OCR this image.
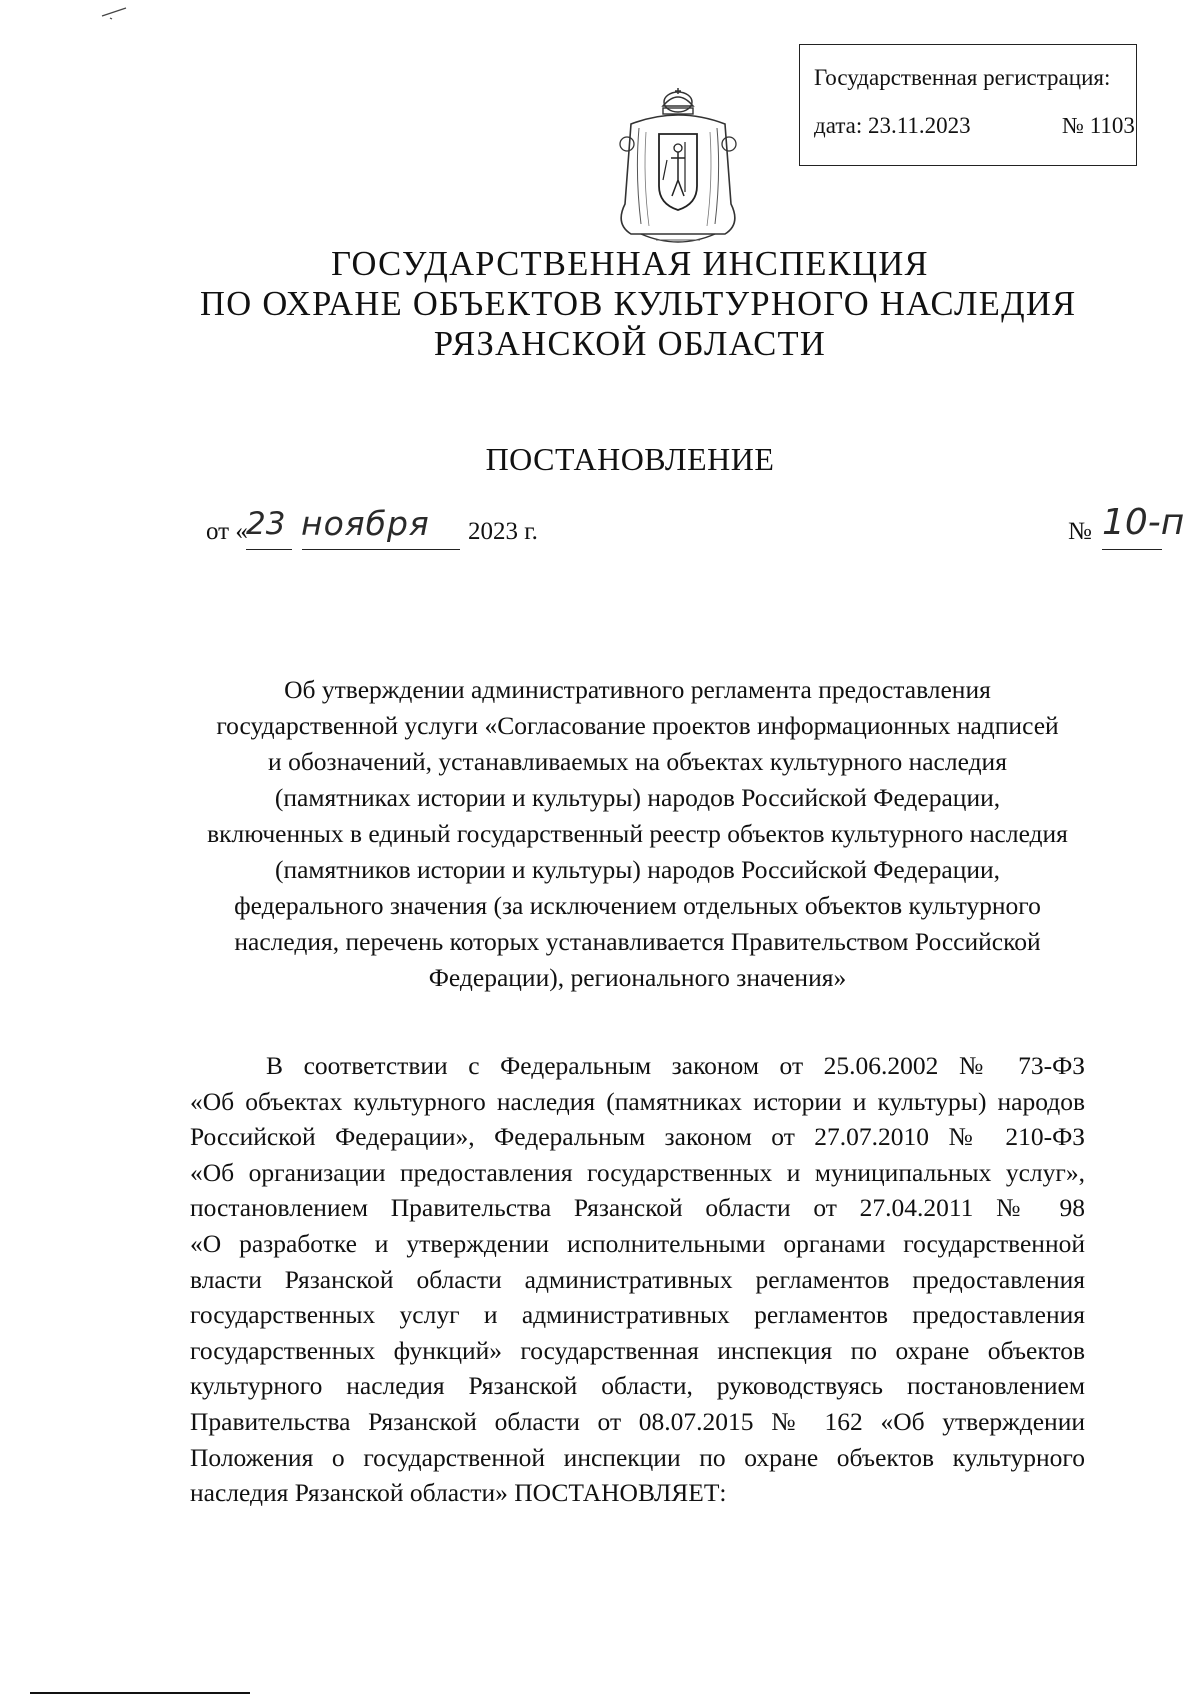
Государственная регистрация:
дата: 23.11.2023	№ 1103
ГОСУДАРСТВЕННАЯ ИНСПЕКЦИЯ
ПО ОХРАНЕ ОБЪЕКТОВ КУЛЬТУРНОГО НАСЛЕДИЯ
РЯЗАНСКОЙ ОБЛАСТИ
ПОСТАНОВЛЕНИЕ
от «
23 ноября 2023 г.	№ 10-п
Об утверждении административного регламента предоставления
государственной услуги «Согласование проектов информационных надписей
и обозначений, устанавливаемых на объектах культурного наследия
(памятниках истории и культуры) народов Российской Федерации,
включенных в единый государственный реестр объектов культурного наследия
(памятников истории и культуры) народов Российской Федерации,
федерального значения (за исключением отдельных объектов культурного
наследия, перечень которых устанавливается Правительством Российской
Федерации), регионального значения»
В соответствии с Федеральным законом от 25.06.2002 № 73-ФЗ
«Об объектах культурного наследия (памятниках истории и культуры) народов
Российской Федерации», Федеральным законом от 27.07.2010 № 210-ФЗ
«Об организации предоставления государственных и муниципальных услуг»,
постановлением Правительства Рязанской области от 27.04.2011 № 98
«О разработке и утверждении исполнительными органами государственной
власти Рязанской области административных регламентов предоставления
государственных услуг и административных регламентов предоставления
государственных функций» государственная инспекция по охране объектов
культурного наследия Рязанской области, руководствуясь постановлением
Правительства Рязанской области от 08.07.2015 № 162 «Об утверждении
Положения о государственной инспекции по охране объектов культурного
наследия Рязанской области» ПОСТАНОВЛЯЕТ:
